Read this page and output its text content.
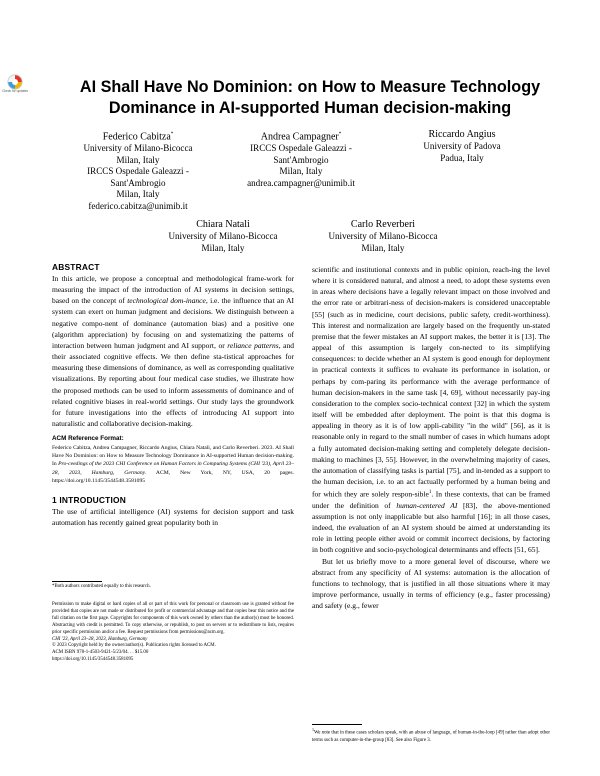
Check for updates	AI Shall Have No Dominion: on How to Measure Technology Dominance in AI-supported Human decision-making
Federico Cabitza*
University of Milano-Bicocca
Milan, Italy
IRCCS Ospedale Galeazzi -
Sant'Ambrogio
Milan, Italy
federico.cabitza@unimib.it
Andrea Campagner*
IRCCS Ospedale Galeazzi -
Sant'Ambrogio
Milan, Italy
andrea.campagner@unimib.it
Riccardo Angius
University of Padova
Padua, Italy
Chiara Natali
University of Milano-Bicocca
Milan, Italy
Carlo Reverberi
University of Milano-Bicocca
Milan, Italy
ABSTRACT

In this article, we propose a conceptual and methodological frame-work for measuring the impact of the introduction of AI systems in decision settings, based on the concept of technological dom-inance, i.e. the influence that an AI system can exert on human judgment and decisions. We distinguish between a negative compo-nent of dominance (automation bias) and a positive one (algorithm appreciation) by focusing on and systematizing the patterns of interaction between human judgment and AI support, or reliance patterns, and their associated cognitive effects. We then define sta-tistical approaches for measuring these dimensions of dominance, as well as corresponding qualitative visualizations. By reporting about four medical case studies, we illustrate how the proposed methods can be used to inform assessments of dominance and of related cognitive biases in real-world settings. Our study lays the groundwork for future investigations into the effects of introducing AI support into naturalistic and collaborative decision-making.

ACM Reference Format:

Federico Cabitza, Andrea Campagner, Riccardo Angius, Chiara Natali, and Carlo Reverberi. 2023. AI Shall Have No Dominion: on How to Measure Technology Dominance in AI-supported Human decision-making. In Pro-ceedings of the 2023 CHI Conference on Human Factors in Computing Systems (CHI '23), April 23–28, 2023, Hamburg, Germany. ACM, New York, NY, USA, 20 pages. https://doi.org/10.1145/3544548.3581095

1 INTRODUCTION

The use of artificial intelligence (AI) systems for decision support and task automation has recently gained great popularity both in

*Both authors contributed equally to this research.

Permission to make digital or hard copies of all or part of this work for personal or classroom use is granted without fee provided that copies are not made or distributed for profit or commercial advantage and that copies bear this notice and the full citation on the first page. Copyrights for components of this work owned by others than the author(s) must be honored. Abstracting with credit is permitted. To copy otherwise, or republish, to post on servers or to redistribute to lists, requires prior specific permission and/or a fee. Request permissions from permissions@acm.org.

CHI '23, April 23–28, 2023, Hamburg, Germany

© 2023 Copyright held by the owner/author(s). Publication rights licensed to ACM.

ACM ISBN 978-1-4503-9421-5/23/04. . . $15.00

https://doi.org/10.1145/3544548.3581095

scientific and institutional contexts and in public opinion, reach-ing the level where it is considered natural, and almost a need, to adopt these systems even in areas where decisions have a legally relevant impact on those involved and the error rate or arbitrari-ness of decision-makers is considered unacceptable [55] (such as in medicine, court decisions, public safety, credit-worthiness). This interest and normalization are largely based on the frequently un-stated premise that the fewer mistakes an AI support makes, the better it is [13]. The appeal of this assumption is largely con-nected to its simplifying consequences: to decide whether an AI system is good enough for deployment in practical contexts it suffices to evaluate its performance in isolation, or perhaps by com-paring its performance with the average performance of human decision-makers in the same task [4, 69], without necessarily pay-ing consideration to the complex socio-technical context [32] in which the system itself will be embedded after deployment. The point is that this dogma is appealing in theory as it is of low appli-cability "in the wild" [56], as it is reasonable only in regard to the small number of cases in which humans adopt a fully automated decision-making setting and completely delegate decision-making to machines [3, 55]. However, in the overwhelming majority of cases, the automation of classifying tasks is partial [75], and in-tended as a support to the human decision, i.e. to an act factually performed by a human being and for which they are solely respon-sible$^1$. In these contexts, that can be framed under the definition of human-centered AI [83], the above-mentioned assumption is not only inapplicable but also harmful [16]; in all those cases, indeed, the evaluation of an AI system should be aimed at understanding its role in letting people either avoid or commit incorrect decisions, by factoring in both cognitive and socio-psychological determinants and effects [51, 65].

But let us briefly move to a more general level of discourse, where we abstract from any specificity of AI systems: automation is the allocation of functions to technology, that is justified in all those situations where it may improve performance, usually in terms of efficiency (e.g., faster processing) and safety (e.g., fewer

$^1$We note that in these cases scholars speak, with an abuse of language, of human-in-the-loop [49] rather than adopt other terms such as computer-in-the-group [83]. See also Figure 3.
